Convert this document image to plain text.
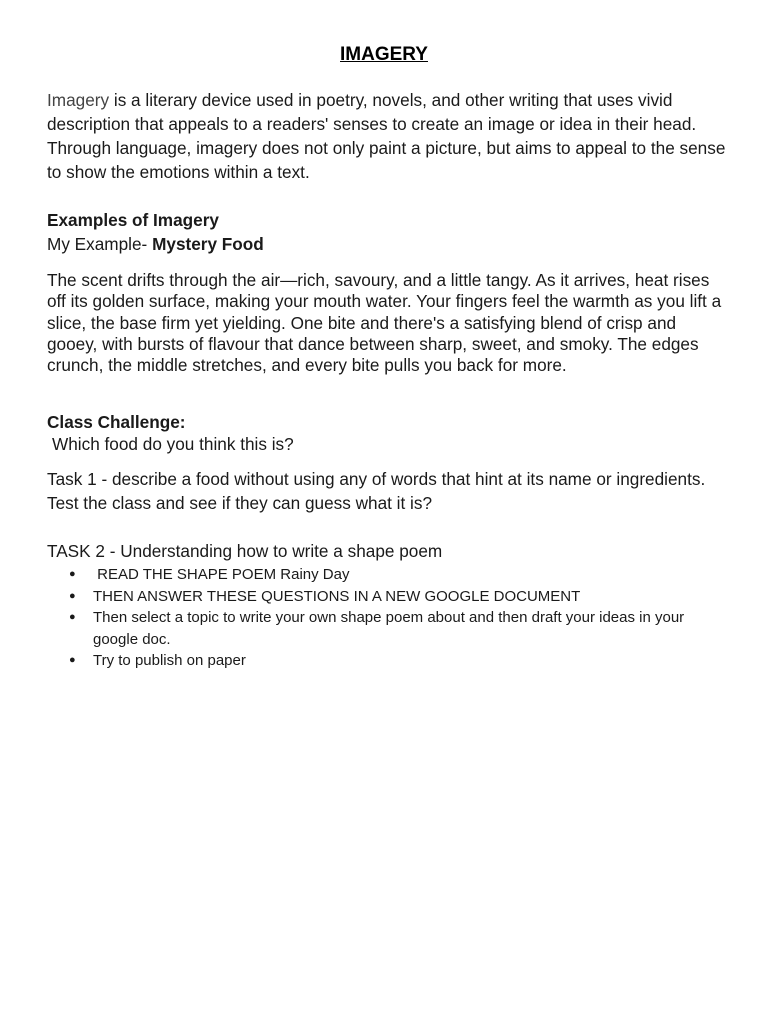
IMAGERY

Imagery is a literary device used in poetry, novels, and other writing that uses vivid description that appeals to a readers' senses to create an image or idea in their head. Through language, imagery does not only paint a picture, but aims to appeal to the sense to show the emotions within a text.

Examples of Imagery

My Example- Mystery Food

The scent drifts through the air—rich, savoury, and a little tangy. As it arrives, heat rises off its golden surface, making your mouth water. Your fingers feel the warmth as you lift a slice, the base firm yet yielding. One bite and there's a satisfying blend of crisp and gooey, with bursts of flavour that dance between sharp, sweet, and smoky. The edges crunch, the middle stretches, and every bite pulls you back for more.

Class Challenge:

Which food do you think this is?

Task 1 - describe a food without using any of words that hint at its name or ingredients. Test the class and see if they can guess what it is?

TASK 2 - Understanding how to write a shape poem

● READ THE SHAPE POEM Rainy Day
● THEN ANSWER THESE QUESTIONS IN A NEW GOOGLE DOCUMENT
● Then select a topic to write your own shape poem about and then draft your ideas in your google doc.
● Try to publish on paper
